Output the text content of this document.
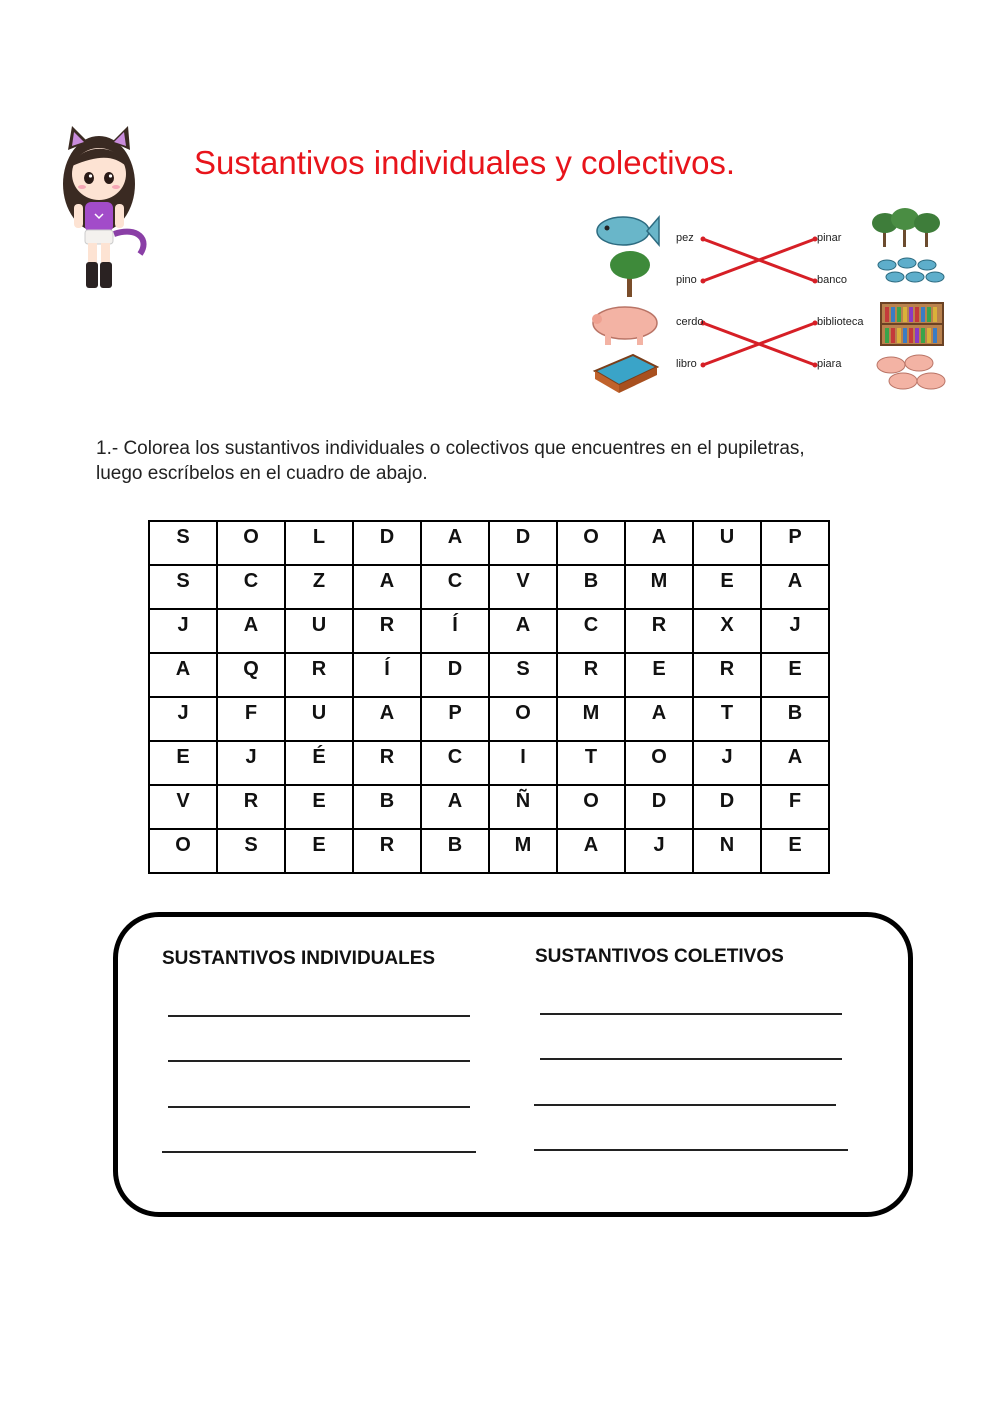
Sustantivos individuales y colectivos.
pez
pino
cerdo
libro
pinar
banco
biblioteca
piara
1.- Colorea los sustantivos individuales o colectivos que encuentres en el pupiletras, luego escríbelos en el cuadro de abajo.
S	O	L	D	A	D	O	A	U	P
S	C	Z	A	C	V	B	M	E	A
J	A	U	R	Í	A	C	R	X	J
A	Q	R	Í	D	S	R	E	R	E
J	F	U	A	P	O	M	A	T	B
E	J	É	R	C	I	T	O	J	A
V	R	E	B	A	Ñ	O	D	D	F
O	S	E	R	B	M	A	J	N	E
SUSTANTIVOS INDIVIDUALES	SUSTANTIVOS COLETIVOS
